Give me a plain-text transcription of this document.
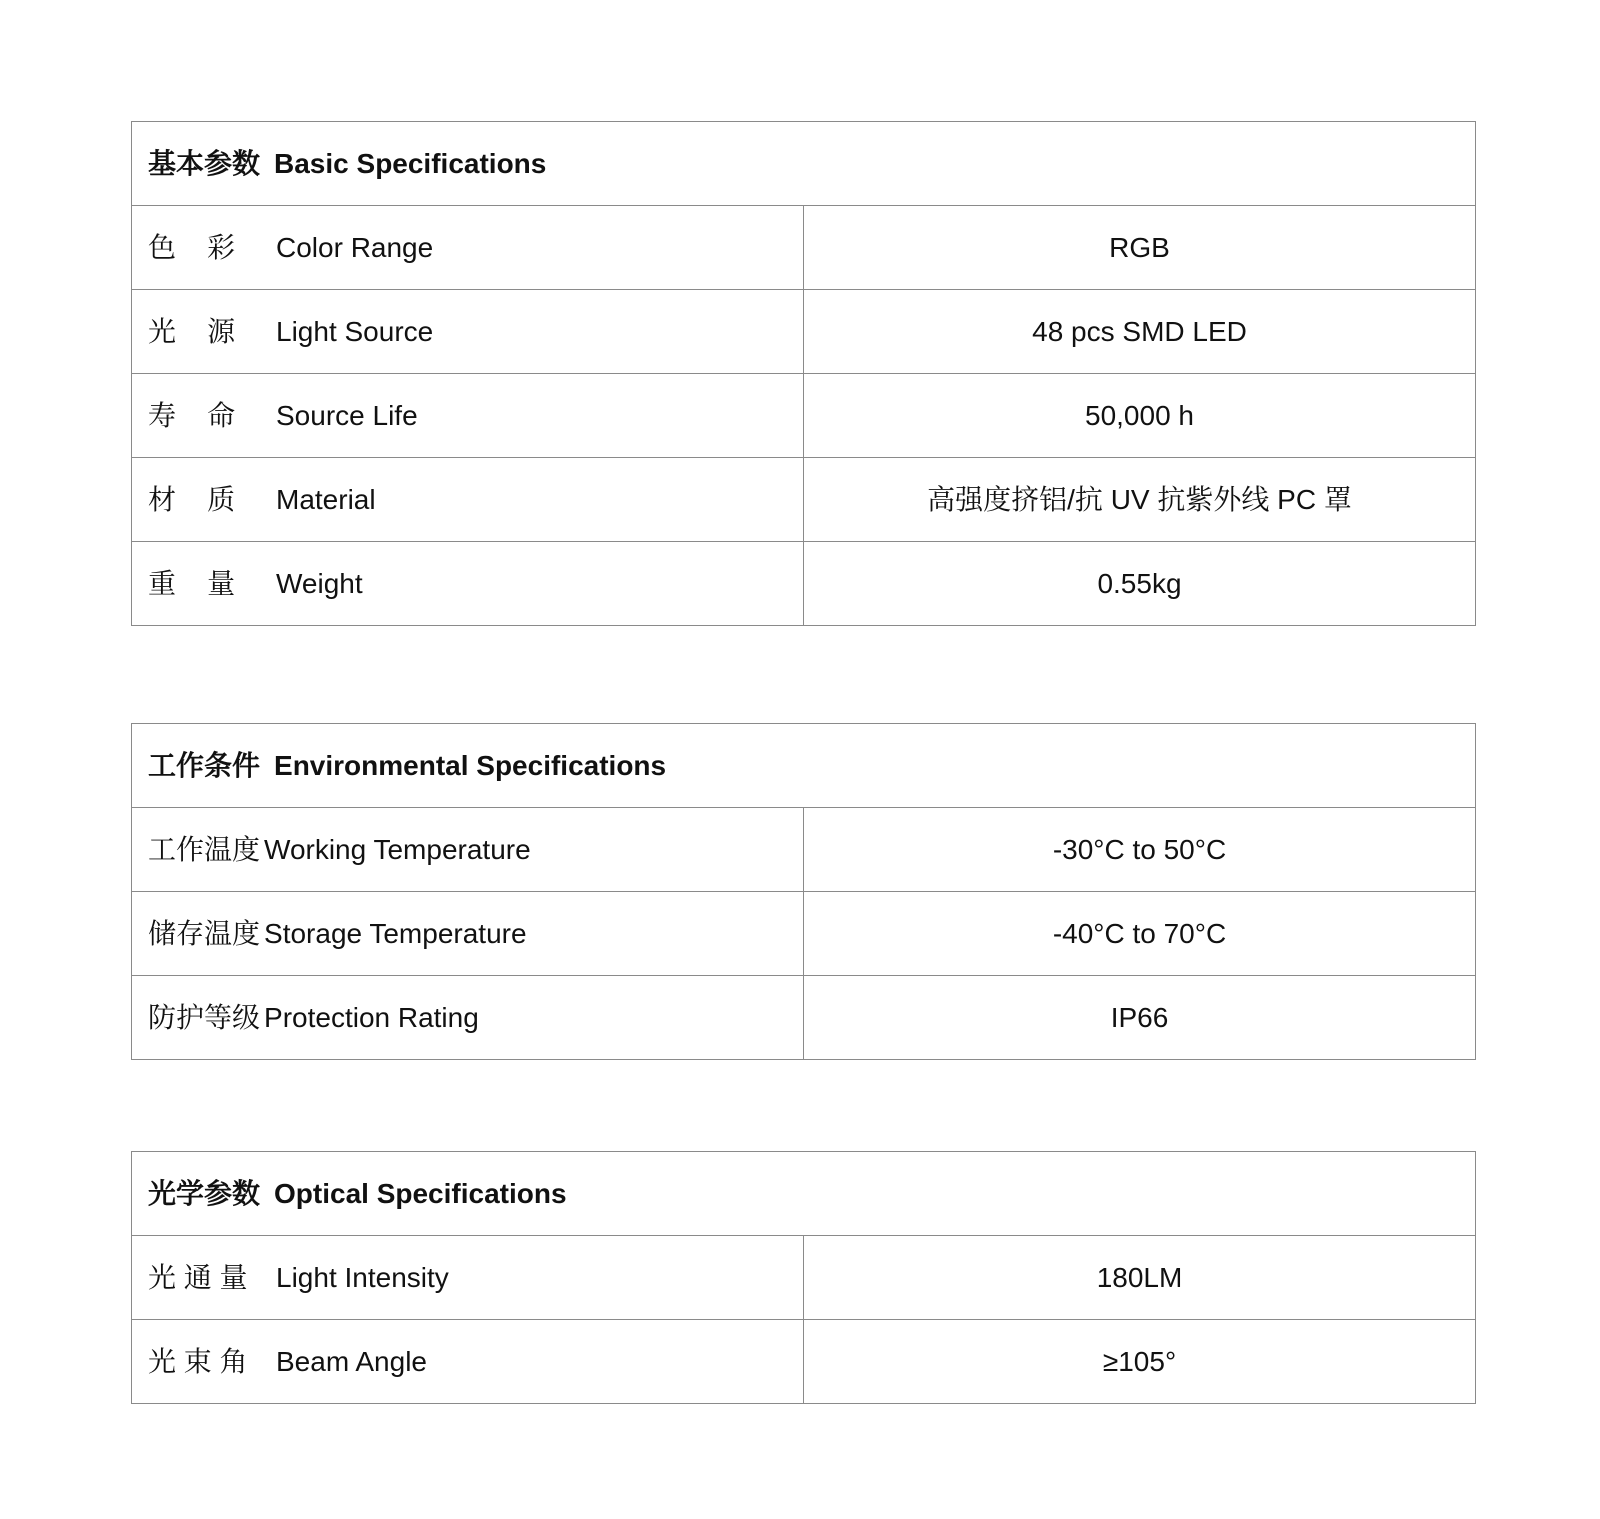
基本参数 Basic Specifications	
色    彩 Color Range	RGB
光    源 Light Source	48 pcs SMD LED
寿    命 Source Life	50,000 h
材    质 Material	高强度挤铝/抗 UV 抗紫外线 PC 罩
重    量 Weight	0.55kg
工作条件 Environmental Specifications	
工作温度 Working Temperature	-30°C to 50°C
储存温度 Storage Temperature	-40°C to 70°C
防护等级 Protection Rating	IP66
光学参数 Optical Specifications	
光 通 量 Light Intensity	180LM
光 束 角 Beam Angle	≥105°
